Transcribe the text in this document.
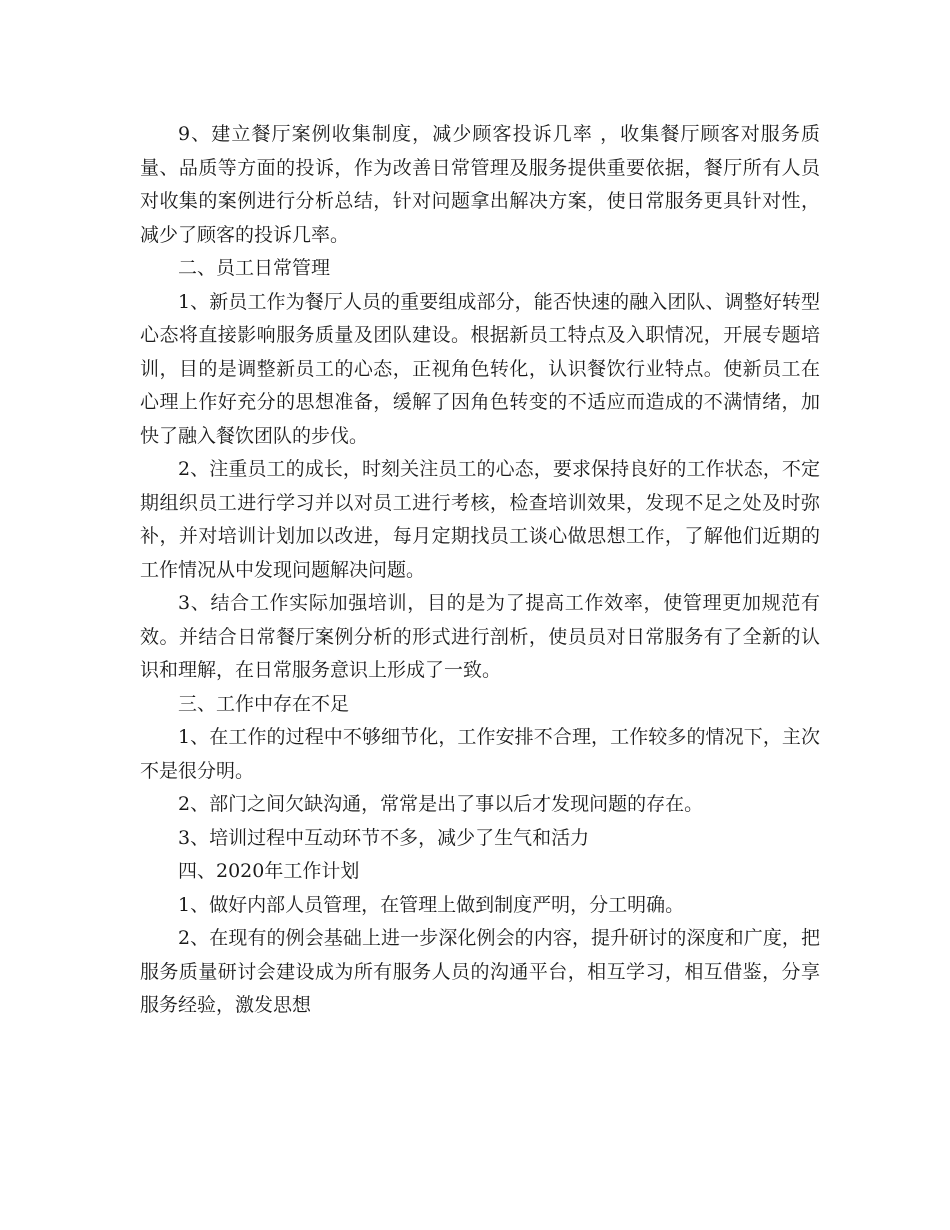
9、建立餐厅案例收集制度，减少顾客投诉几率 ，收集餐厅顾客对服务质量、品质等方面的投诉，作为改善日常管理及服务提供重要依据，餐厅所有人员对收集的案例进行分析总结，针对问题拿出解决方案，使日常服务更具针对性，减少了顾客的投诉几率。

二、员工日常管理

1、新员工作为餐厅人员的重要组成部分，能否快速的融入团队、调整好转型心态将直接影响服务质量及团队建设。根据新员工特点及入职情况，开展专题培训，目的是调整新员工的心态，正视角色转化，认识餐饮行业特点。使新员工在心理上作好充分的思想准备，缓解了因角色转变的不适应而造成的不满情绪，加快了融入餐饮团队的步伐。

2、注重员工的成长，时刻关注员工的心态，要求保持良好的工作状态，不定期组织员工进行学习并以对员工进行考核，检查培训效果，发现不足之处及时弥补，并对培训计划加以改进，每月定期找员工谈心做思想工作，了解他们近期的工作情况从中发现问题解决问题。

3、结合工作实际加强培训，目的是为了提高工作效率，使管理更加规范有效。并结合日常餐厅案例分析的形式进行剖析，使员员对日常服务有了全新的认识和理解，在日常服务意识上形成了一致。

三、工作中存在不足

1、在工作的过程中不够细节化，工作安排不合理，工作较多的情况下，主次不是很分明。

2、部门之间欠缺沟通，常常是出了事以后才发现问题的存在。

3、培训过程中互动环节不多，减少了生气和活力

四、2020年工作计划

1、做好内部人员管理，在管理上做到制度严明，分工明确。

2、在现有的例会基础上进一步深化例会的内容，提升研讨的深度和广度，把服务质量研讨会建设成为所有服务人员的沟通平台，相互学习，相互借鉴，分享服务经验，激发思想
